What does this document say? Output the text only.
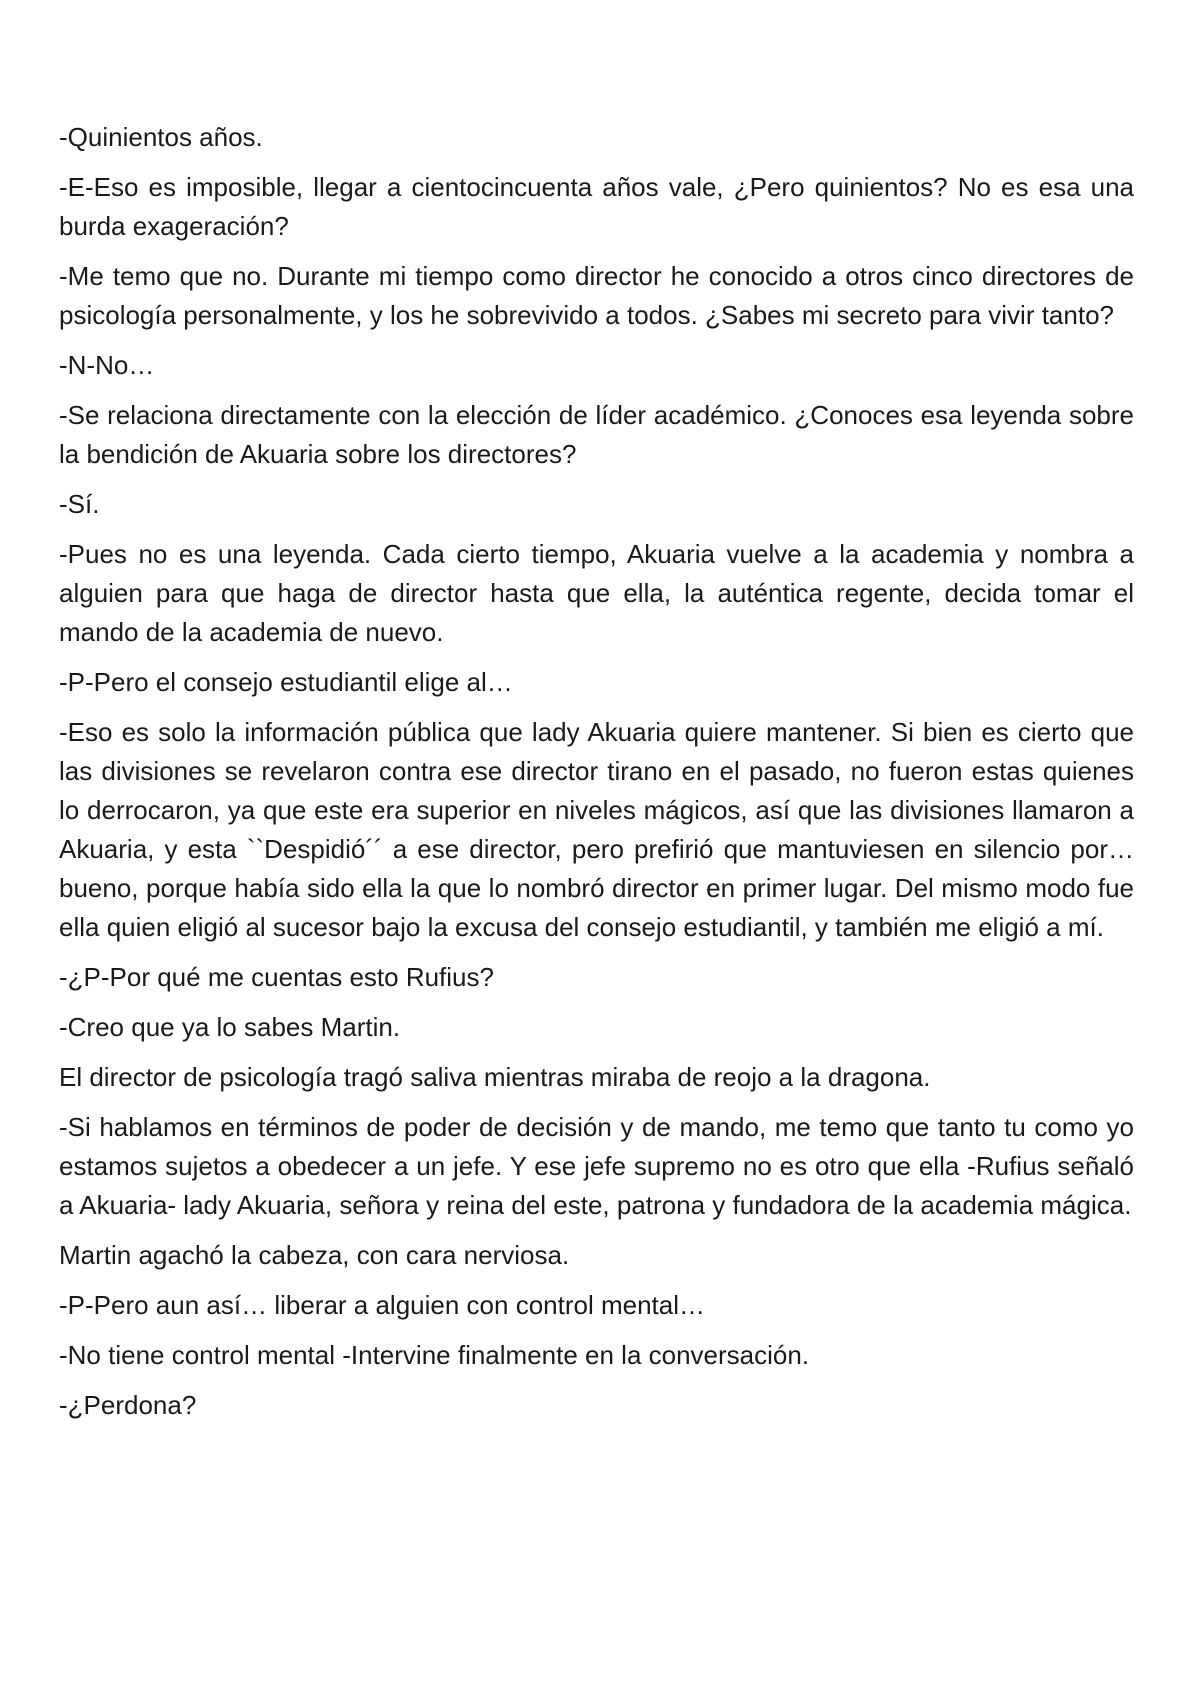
-Quinientos años.

-E-Eso es imposible, llegar a cientocincuenta años vale, ¿Pero quinientos? No es esa una burda exageración?

-Me temo que no. Durante mi tiempo como director he conocido a otros cinco directores de psicología personalmente, y los he sobrevivido a todos. ¿Sabes mi secreto para vivir tanto?

-N-No…

-Se relaciona directamente con la elección de líder académico. ¿Conoces esa leyenda sobre la bendición de Akuaria sobre los directores?

-Sí.

-Pues no es una leyenda. Cada cierto tiempo, Akuaria vuelve a la academia y nombra a alguien para que haga de director hasta que ella, la auténtica regente, decida tomar el mando de la academia de nuevo.

-P-Pero el consejo estudiantil elige al…

-Eso es solo la información pública que lady Akuaria quiere mantener. Si bien es cierto que las divisiones se revelaron contra ese director tirano en el pasado, no fueron estas quienes lo derrocaron, ya que este era superior en niveles mágicos, así que las divisiones llamaron a Akuaria, y esta ``Despidió´´ a ese director, pero prefirió que mantuviesen en silencio por… bueno, porque había sido ella la que lo nombró director en primer lugar. Del mismo modo fue ella quien eligió al sucesor bajo la excusa del consejo estudiantil, y también me eligió a mí.

-¿P-Por qué me cuentas esto Rufius?

-Creo que ya lo sabes Martin.

El director de psicología tragó saliva mientras miraba de reojo a la dragona.

-Si hablamos en términos de poder de decisión y de mando, me temo que tanto tu como yo estamos sujetos a obedecer a un jefe. Y ese jefe supremo no es otro que ella -Rufius señaló a Akuaria- lady Akuaria, señora y reina del este, patrona y fundadora de la academia mágica.

Martin agachó la cabeza, con cara nerviosa.

-P-Pero aun así… liberar a alguien con control mental…

-No tiene control mental -Intervine finalmente en la conversación.

-¿Perdona?
